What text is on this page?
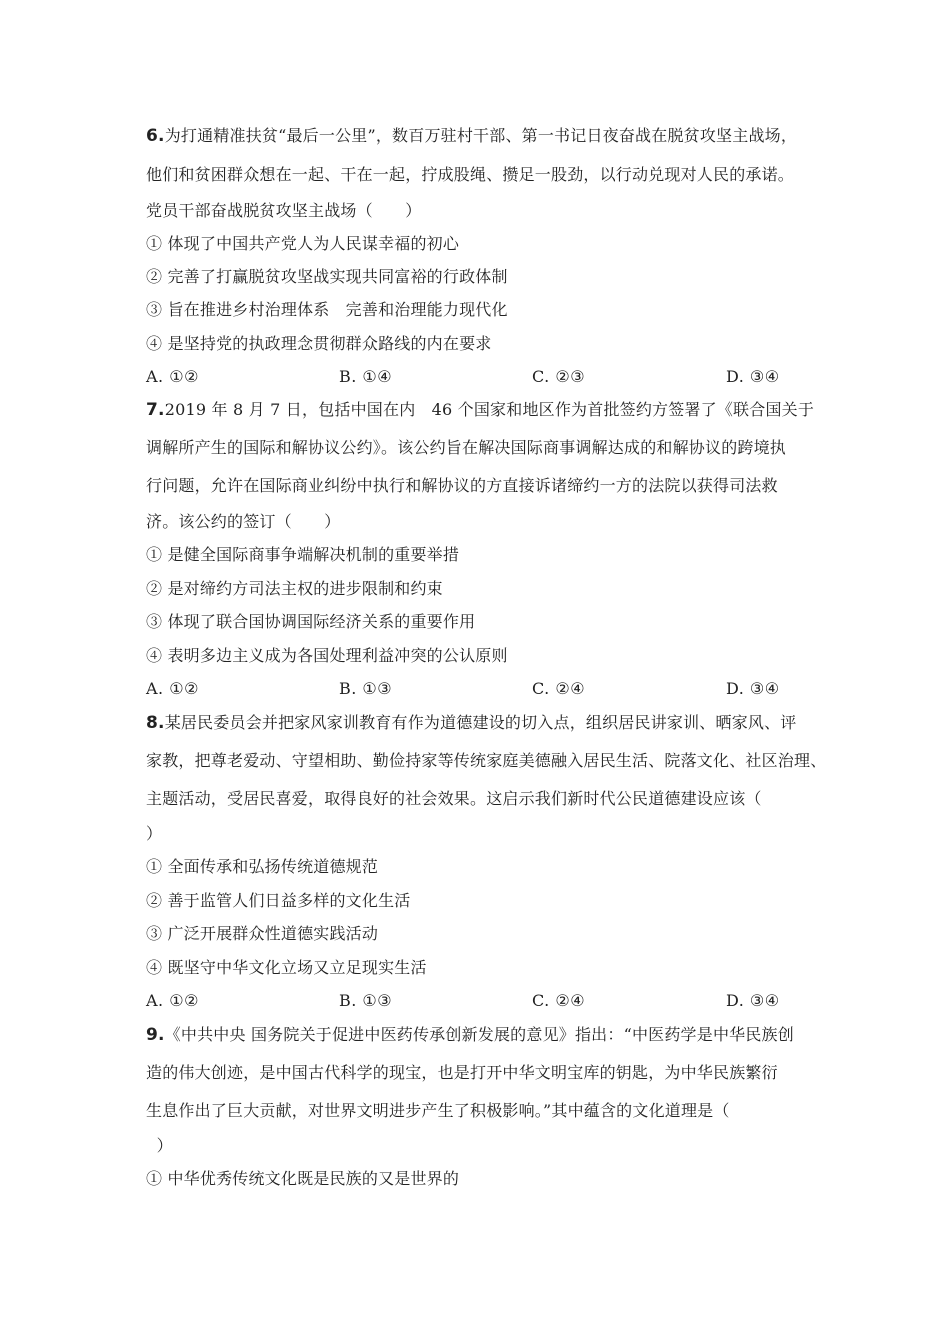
6.为打通精准扶贫“最后一公里”，数百万驻村干部、第一书记日夜奋战在脱贫攻坚主战场，
他们和贫困群众想在一起、干在一起，拧成股绳、攒足一股劲，以行动兑现对人民的承诺。
党员干部奋战脱贫攻坚主战场（　　）
① 体现了中国共产党人为人民谋幸福的初心
② 完善了打赢脱贫攻坚战实现共同富裕的行政体制
③ 旨在推进乡村治理体系　完善和治理能力现代化
④ 是坚持党的执政理念贯彻群众路线的内在要求
A. ①②	B. ①④	C. ②③	D. ③④
7.2019 年 8 月 7 日，包括中国在内　46 个国家和地区作为首批签约方签署了《联合国关于
调解所产生的国际和解协议公约》。该公约旨在解决国际商事调解达成的和解协议的跨境执
行问题，允许在国际商业纠纷中执行和解协议的方直接诉诸缔约一方的法院以获得司法救
济。该公约的签订（　　）
① 是健全国际商事争端解决机制的重要举措
② 是对缔约方司法主权的进步限制和约束
③ 体现了联合国协调国际经济关系的重要作用
④ 表明多边主义成为各国处理利益冲突的公认原则
A. ①②	B. ①③	C. ②④	D. ③④
8.某居民委员会并把家风家训教育有作为道德建设的切入点，组织居民讲家训、晒家风、评
家教，把尊老爱动、守望相助、勤俭持家等传统家庭美德融入居民生活、院落文化、社区治理、
主题活动，受居民喜爱，取得良好的社会效果。这启示我们新时代公民道德建设应该（
）
① 全面传承和弘扬传统道德规范
② 善于监管人们日益多样的文化生活
③ 广泛开展群众性道德实践活动
④ 既坚守中华文化立场又立足现实生活
A. ①②	B. ①③	C. ②④	D. ③④
9.《中共中央 国务院关于促进中医药传承创新发展的意见》指出：“中医药学是中华民族创
造的伟大创迹，是中国古代科学的现宝，也是打开中华文明宝库的钥匙，为中华民族繁衍
生息作出了巨大贡献，对世界文明进步产生了积极影响。”其中蕴含的文化道理是（
）
① 中华优秀传统文化既是民族的又是世界的
